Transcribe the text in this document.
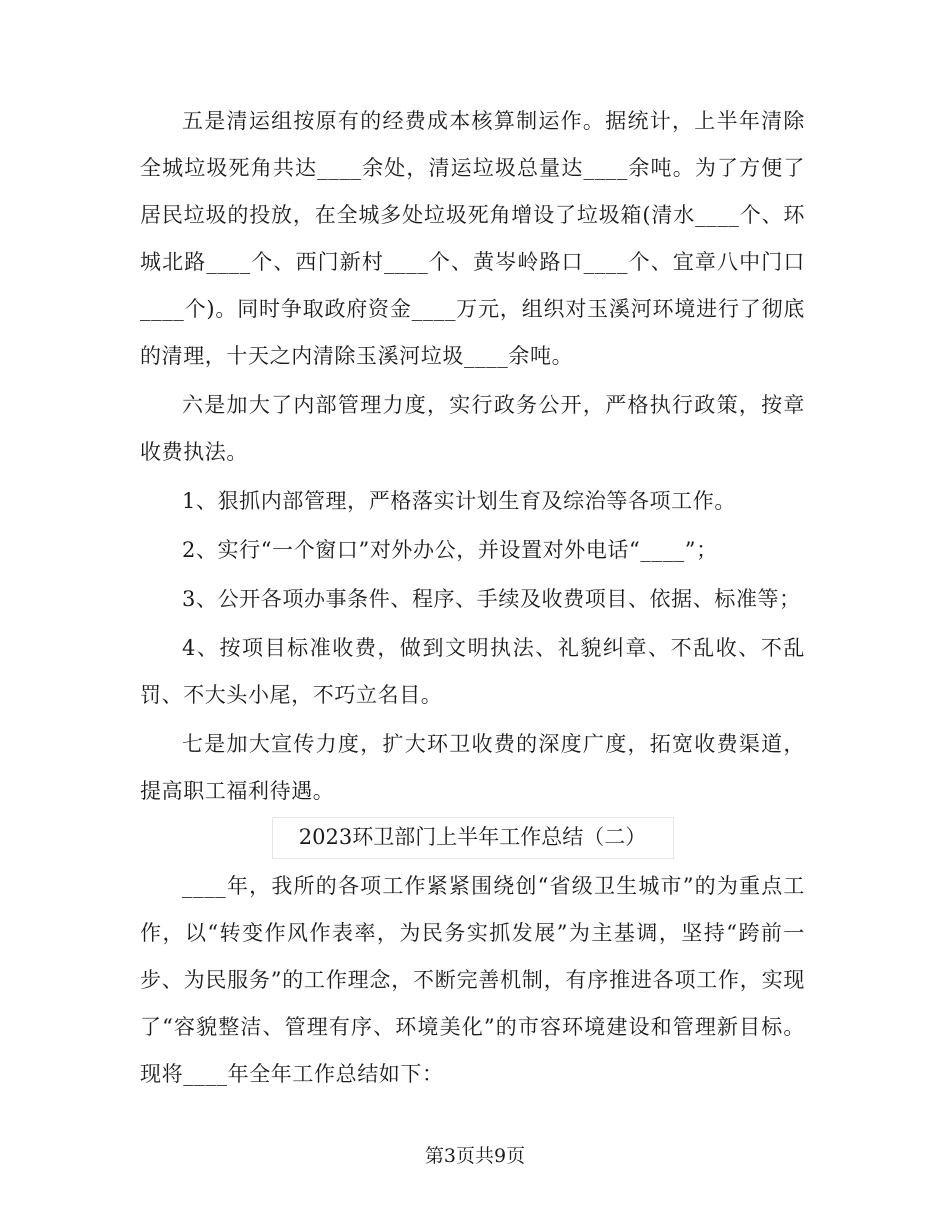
五是清运组按原有的经费成本核算制运作。据统计，上半年清除全城垃圾死角共达____余处，清运垃圾总量达____余吨。为了方便了居民垃圾的投放，在全城多处垃圾死角增设了垃圾箱(清水____个、环城北路____个、西门新村____个、黄岑岭路口____个、宜章八中门口____个)。同时争取政府资金____万元，组织对玉溪河环境进行了彻底的清理，十天之内清除玉溪河垃圾____余吨。

六是加大了内部管理力度，实行政务公开，严格执行政策，按章收费执法。

1、狠抓内部管理，严格落实计划生育及综治等各项工作。

2、实行“一个窗口”对外办公，并设置对外电话“____”；

3、公开各项办事条件、程序、手续及收费项目、依据、标准等；

4、按项目标准收费，做到文明执法、礼貌纠章、不乱收、不乱罚、不大头小尾，不巧立名目。

七是加大宣传力度，扩大环卫收费的深度广度，拓宽收费渠道，提高职工福利待遇。

2023环卫部门上半年工作总结（二）

____年，我所的各项工作紧紧围绕创“省级卫生城市”的为重点工作，以“转变作风作表率，为民务实抓发展”为主基调，坚持“跨前一步、为民服务”的工作理念，不断完善机制，有序推进各项工作，实现了“容貌整洁、管理有序、环境美化”的市容环境建设和管理新目标。现将____年全年工作总结如下：

第3页共9页
